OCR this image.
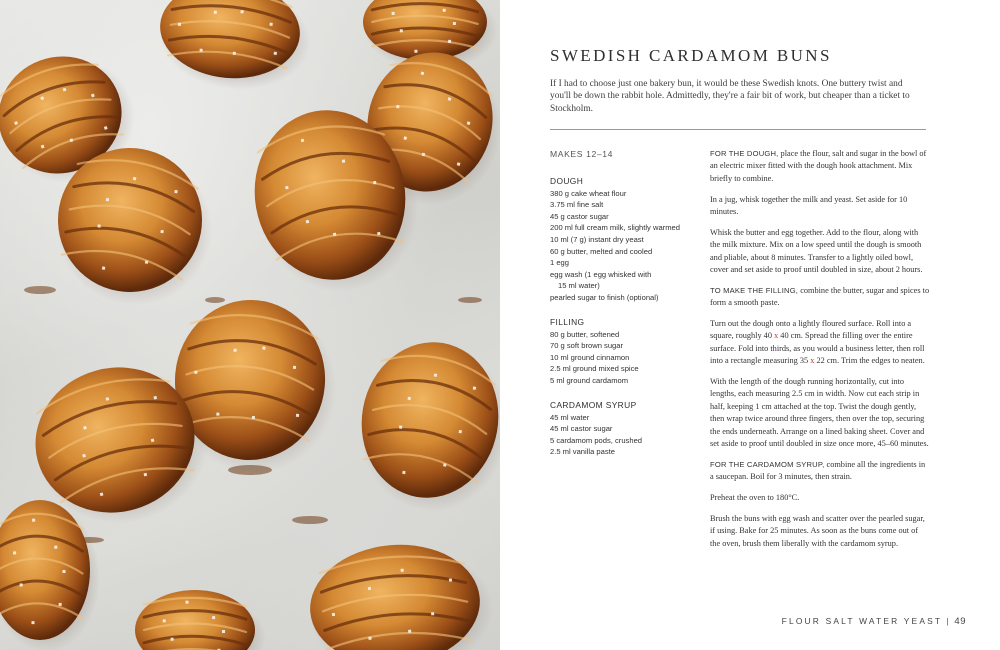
SWEDISH CARDAMOM BUNS

If I had to choose just one bakery bun, it would be these Swedish knots. One buttery twist and you'll be down the rabbit hole. Admittedly, they're a fair bit of work, but cheaper than a ticket to Stockholm.

MAKES 12–14

DOUGH

380 g cake wheat flour
3.75 ml fine salt
45 g castor sugar
200 ml full cream milk, slightly warmed
10 ml (7 g) instant dry yeast
60 g butter, melted and cooled
1 egg
egg wash (1 egg whisked with
15 ml water)
pearled sugar to finish (optional)

FILLING

80 g butter, softened
70 g soft brown sugar
10 ml ground cinnamon
2.5 ml ground mixed spice
5 ml ground cardamom

CARDAMOM SYRUP

45 ml water
45 ml castor sugar
5 cardamom pods, crushed
2.5 ml vanilla paste

FOR THE DOUGH, place the flour, salt and sugar in the bowl of an electric mixer fitted with the dough hook attachment. Mix briefly to combine.

In a jug, whisk together the milk and yeast. Set aside for 10 minutes.

Whisk the butter and egg together. Add to the flour, along with the milk mixture. Mix on a low speed until the dough is smooth and pliable, about 8 minutes. Transfer to a lightly oiled bowl, cover and set aside to proof until doubled in size, about 2 hours.

TO MAKE THE FILLING, combine the butter, sugar and spices to form a smooth paste.

Turn out the dough onto a lightly floured surface. Roll into a square, roughly 40 x 40 cm. Spread the filling over the entire surface. Fold into thirds, as you would a business letter, then roll into a rectangle measuring 35 x 22 cm. Trim the edges to neaten.

With the length of the dough running horizontally, cut into lengths, each measuring 2.5 cm in width. Now cut each strip in half, keeping 1 cm attached at the top. Twist the dough gently, then wrap twice around three fingers, then over the top, securing the ends underneath. Arrange on a lined baking sheet. Cover and set aside to proof until doubled in size once more, 45–60 minutes.

FOR THE CARDAMOM SYRUP, combine all the ingredients in a saucepan. Boil for 3 minutes, then strain.

Preheat the oven to 180°C.

Brush the buns with egg wash and scatter over the pearled sugar, if using. Bake for 25 minutes. As soon as the buns come out of the oven, brush them liberally with the cardamom syrup.

FLOUR SALT WATER YEAST | 49
